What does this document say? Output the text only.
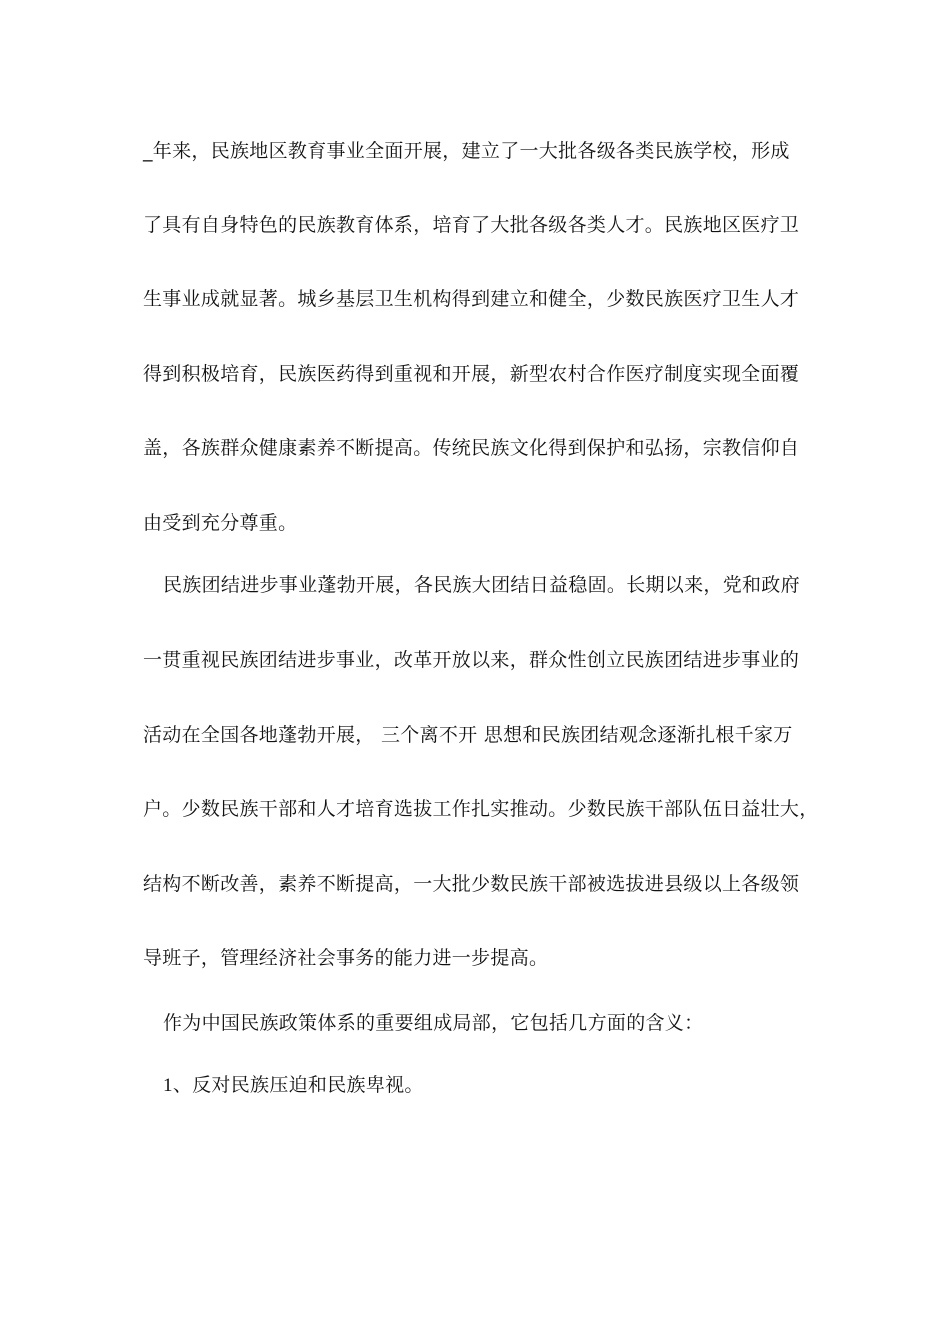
_年来，民族地区教育事业全面开展，建立了一大批各级各类民族学校，形成
了具有自身特色的民族教育体系，培育了大批各级各类人才。民族地区医疗卫
生事业成就显著。城乡基层卫生机构得到建立和健全，少数民族医疗卫生人才
得到积极培育，民族医药得到重视和开展，新型农村合作医疗制度实现全面覆
盖，各族群众健康素养不断提高。传统民族文化得到保护和弘扬，宗教信仰自
由受到充分尊重。
民族团结进步事业蓬勃开展，各民族大团结日益稳固。长期以来，党和政府
一贯重视民族团结进步事业，改革开放以来，群众性创立民族团结进步事业的
活动在全国各地蓬勃开展， 三个离不开 思想和民族团结观念逐渐扎根千家万
户。少数民族干部和人才培育选拔工作扎实推动。少数民族干部队伍日益壮大，
结构不断改善，素养不断提高，一大批少数民族干部被选拔进县级以上各级领
导班子，管理经济社会事务的能力进一步提高。
作为中国民族政策体系的重要组成局部，它包括几方面的含义：
1、反对民族压迫和民族卑视。
